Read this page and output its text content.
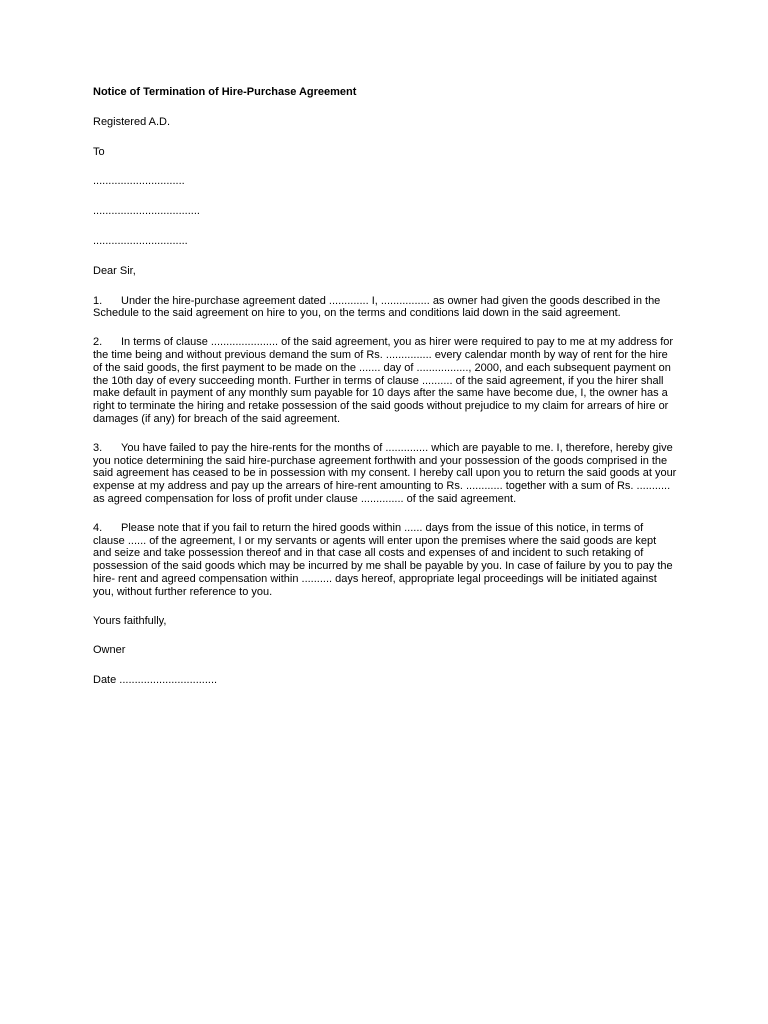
Notice of Termination of Hire-Purchase Agreement
Registered A.D.
To
..............................
...................................
...............................
Dear Sir,
1. Under the hire-purchase agreement dated ............. I, ................ as owner had given the goods described in the Schedule to the said agreement on hire to you, on the terms and conditions laid down in the said agreement.
2. In terms of clause ...................... of the said agreement, you as hirer were required to pay to me at my address for the time being and without previous demand the sum of Rs. ............... every calendar month by way of rent for the hire of the said goods, the first payment to be made on the ....... day of ................., 2000, and each subsequent payment on the 10th day of every succeeding month. Further in terms of clause .......... of the said agreement, if you the hirer shall make default in payment of any monthly sum payable for 10 days after the same have become due, I, the owner has a right to terminate the hiring and retake possession of the said goods without prejudice to my claim for arrears of hire or damages (if any) for breach of the said agreement.
3. You have failed to pay the hire-rents for the months of .............. which are payable to me. I, therefore, hereby give you notice determining the said hire-purchase agreement forthwith and your possession of the goods comprised in the said agreement has ceased to be in possession with my consent. I hereby call upon you to return the said goods at your expense at my address and pay up the arrears of hire-rent amounting to Rs. ............ together with a sum of Rs. ........... as agreed compensation for loss of profit under clause .............. of the said agreement.
4. Please note that if you fail to return the hired goods within ...... days from the issue of this notice, in terms of clause ...... of the agreement, I or my servants or agents will enter upon the premises where the said goods are kept and seize and take possession thereof and in that case all costs and expenses of and incident to such retaking of possession of the said goods which may be incurred by me shall be payable by you. In case of failure by you to pay the hire- rent and agreed compensation within .......... days hereof, appropriate legal proceedings will be initiated against you, without further reference to you.
Yours faithfully,
Owner
Date ................................
